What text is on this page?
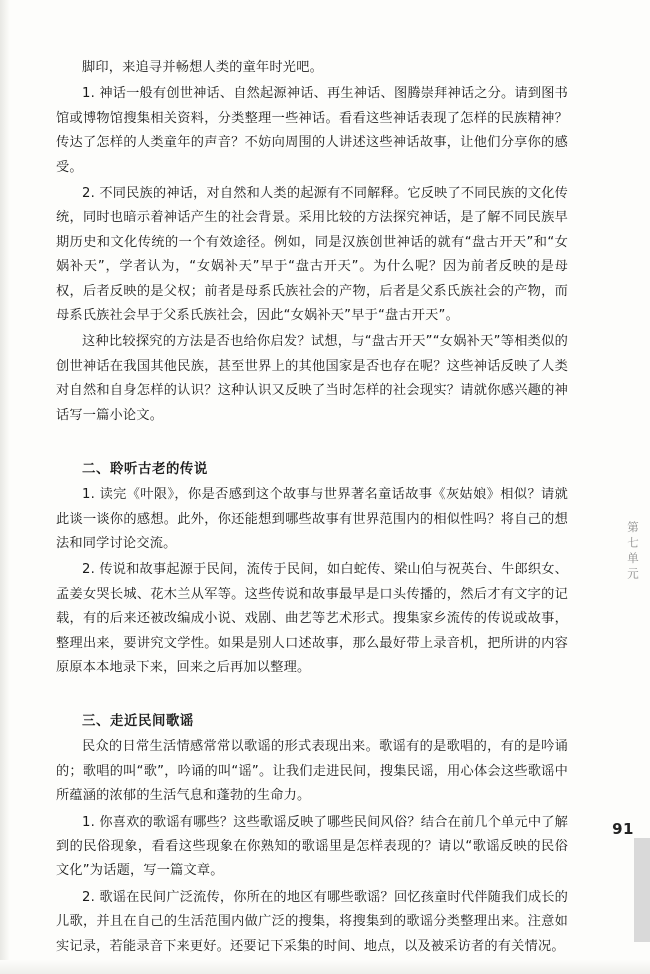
脚印，来追寻并畅想人类的童年时光吧。

1. 神话一般有创世神话、自然起源神话、再生神话、图腾崇拜神话之分。请到图书馆或博物馆搜集相关资料，分类整理一些神话。看看这些神话表现了怎样的民族精神？传达了怎样的人类童年的声音？不妨向周围的人讲述这些神话故事，让他们分享你的感受。

2. 不同民族的神话，对自然和人类的起源有不同解释。它反映了不同民族的文化传统，同时也暗示着神话产生的社会背景。采用比较的方法探究神话，是了解不同民族早期历史和文化传统的一个有效途径。例如，同是汉族创世神话的就有“盘古开天”和“女娲补天”，学者认为，“女娲补天”早于“盘古开天”。为什么呢？因为前者反映的是母权，后者反映的是父权；前者是母系氏族社会的产物，后者是父系氏族社会的产物，而母系氏族社会早于父系氏族社会，因此“女娲补天”早于“盘古开天”。

这种比较探究的方法是否也给你启发？试想，与“盘古开天”“女娲补天”等相类似的创世神话在我国其他民族，甚至世界上的其他国家是否也存在呢？这些神话反映了人类对自然和自身怎样的认识？这种认识又反映了当时怎样的社会现实？请就你感兴趣的神话写一篇小论文。

二、聆听古老的传说

1. 读完《叶限》，你是否感到这个故事与世界著名童话故事《灰姑娘》相似？请就此谈一谈你的感想。此外，你还能想到哪些故事有世界范围内的相似性吗？将自己的想法和同学讨论交流。

2. 传说和故事起源于民间，流传于民间，如白蛇传、梁山伯与祝英台、牛郎织女、孟姜女哭长城、花木兰从军等。这些传说和故事最早是口头传播的，然后才有文字的记载，有的后来还被改编成小说、戏剧、曲艺等艺术形式。搜集家乡流传的传说或故事，整理出来，要讲究文学性。如果是别人口述故事，那么最好带上录音机，把所讲的内容原原本本地录下来，回来之后再加以整理。

三、走近民间歌谣

民众的日常生活情感常常以歌谣的形式表现出来。歌谣有的是歌唱的，有的是吟诵的；歌唱的叫“歌”，吟诵的叫“谣”。让我们走进民间，搜集民谣，用心体会这些歌谣中所蕴涵的浓郁的生活气息和蓬勃的生命力。

1. 你喜欢的歌谣有哪些？这些歌谣反映了哪些民间风俗？结合在前几个单元中了解到的民俗现象，看看这些现象在你熟知的歌谣里是怎样表现的？请以“歌谣反映的民俗文化”为话题，写一篇文章。

2. 歌谣在民间广泛流传，你所在的地区有哪些歌谣？回忆孩童时代伴随我们成长的儿歌，并且在自己的生活范围内做广泛的搜集，将搜集到的歌谣分类整理出来。注意如实记录，若能录音下来更好。还要记下采集的时间、地点，以及被采访者的有关情况。

第七单元
91
